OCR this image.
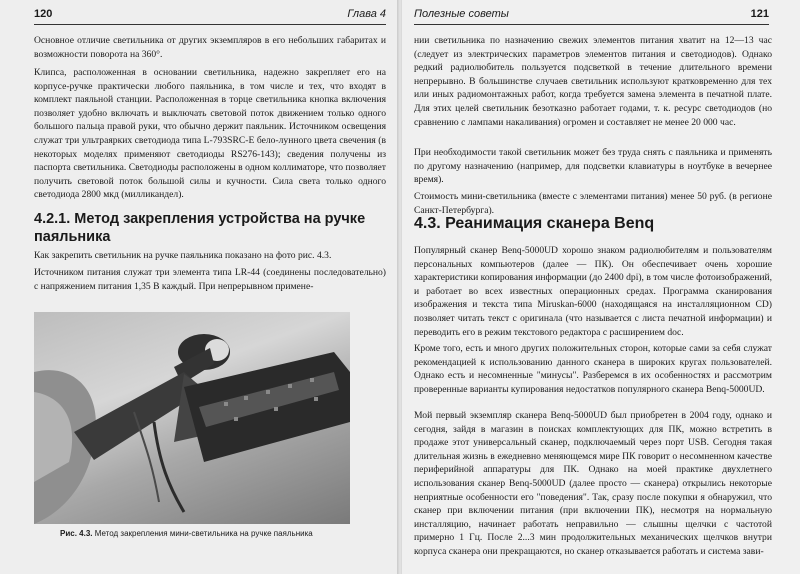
120	Глава 4
Основное отличие светильника от других экземпляров в его небольших габаритах и возможности поворота на 360°.
Клипса, расположенная в основании светильника, надежно закрепляет его на корпусе-ручке практически любого паяльника, в том числе и тех, что входят в комплект паяльной станции. Расположенная в торце светильника кнопка включения позволяет удобно включать и выключать световой поток движением только одного большого пальца правой руки, что обычно держит паяльник. Источником освещения служат три ультраярких светодиода типа L-793SRC-E бело-лунного цвета свечения (в некоторых моделях применяют светодиоды RS276-143); сведения получены из паспорта светильника. Светодиоды расположены в одном коллиматоре, что позволяет получить световой поток большой силы и кучности. Сила света только одного светодиода 2800 мкд (милликандел).
4.2.1. Метод закрепления устройства на ручке паяльника
Как закрепить светильник на ручке паяльника показано на фото рис. 4.3.
Источником питания служат три элемента типа LR-44 (соединены последовательно) с напряжением питания 1,35 В каждый. При непрерывном примене-
Рис. 4.3. Метод закрепления мини-светильника на ручке паяльника
Полезные советы	121
нии светильника по назначению свежих элементов питания хватит на 12—13 час (следует из электрических параметров элементов питания и светодиодов). Однако редкий радиолюбитель пользуется подсветкой в течение длительного времени непрерывно. В большинстве случаев светильник используют кратковременно для тех или иных радиомонтажных работ, когда требуется замена элемента в печатной плате. Для этих целей светильник безотказно работает годами, т. к. ресурс светодиодов (но сравнению с лампами накаливания) огромен и составляет не менее 20 000 час.
При необходимости такой светильник может без труда снять с паяльника и применять по другому назначению (например, для подсветки клавиатуры в ноутбуке в вечернее время).
Стоимость мини-светильника (вместе с элементами питания) менее 50 руб. (в регионе Санкт-Петербурга).
4.3. Реанимация сканера Benq
Популярный сканер Benq-5000UD хорошо знаком радиолюбителям и пользователям персональных компьютеров (далее — ПК). Он обеспечивает очень хорошие характеристики копирования информации (до 2400 dpi), в том числе фотоизображений, и работает во всех известных операционных средах. Программа сканирования изображения и текста типа Miruskan-6000 (находящаяся на инсталляционном CD) позволяет читать текст с оригинала (что называется с листа печатной информации) и переводить его в режим текстового редактора с расширением doc.
Кроме того, есть и много других положительных сторон, которые сами за себя служат рекомендацией к использованию данного сканера в широких кругах пользователей. Однако есть и несомненные "минусы". Разберемся в их особенностях и рассмотрим проверенные варианты купирования недостатков популярного сканера Benq-5000UD.
Мой первый экземпляр сканера Benq-5000UD был приобретен в 2004 году, однако и сегодня, зайдя в магазин в поисках комплектующих для ПК, можно встретить в продаже этот универсальный сканер, подключаемый через порт USB. Сегодня такая длительная жизнь в ежедневно меняющемся мире ПК говорит о несомненном качестве периферийной аппаратуры для ПК. Однако на моей практике двухлетнего использования сканер Benq-5000UD (далее просто — сканера) открылись некоторые неприятные особенности его "поведения". Так, сразу после покупки я обнаружил, что сканер при включении питания (при включении ПК), несмотря на нормальную инсталляцию, начинает работать неправильно — слышны щелчки с частотой примерно 1 Гц. После 2...3 мин продолжительных механических щелчков внутри корпуса сканера они прекращаются, но сканер отказывается работать и система зави-
